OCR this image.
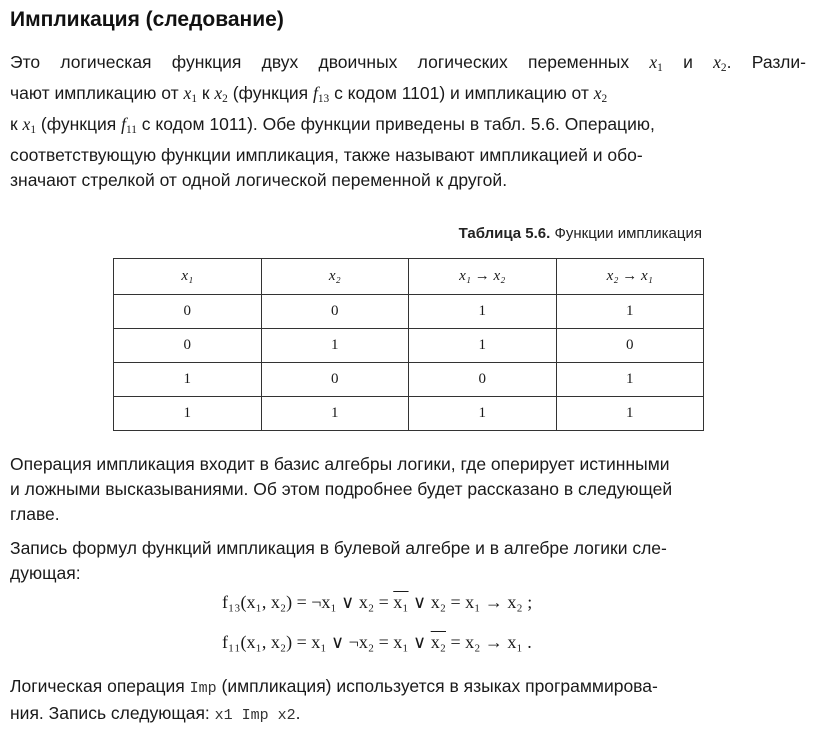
Импликация (следование)
Это логическая функция двух двоичных логических переменных $x_1$ и $x_2$. Разли-
чают импликацию от $x_1$ к $x_2$ (функция $f_{13}$ с кодом 1101) и импликацию от $x_2$
к $x_1$ (функция $f_{11}$ с кодом 1011). Обе функции приведены в табл. 5.6. Операцию,
соответствующую функции импликация, также называют импликацией и обо-
значают стрелкой от одной логической переменной к другой.
Таблица 5.6. Функции импликация
x₁	x₂	x₁ → x₂	x₂ → x₁
0	0	1	1
0	1	1	0
1	0	0	1
1	1	1	1
Операция импликация входит в базис алгебры логики, где оперирует истинными
и ложными высказываниями. Об этом подробнее будет рассказано в следующей
главе.
Запись формул функций импликация в булевой алгебре и в алгебре логики сле-
дующая:
f₁₃(x₁, x₂) = ¬x₁ ∨ x₂ = x₁ ∨ x₂ = x₁ → x₂ ;
f₁₁(x₁, x₂) = x₁ ∨ ¬x₂ = x₁ ∨ x₂ = x₂ → x₁ .
Логическая операция Imp (импликация) используется в языках программирова-
ния. Запись следующая: x1 Imp x2.
